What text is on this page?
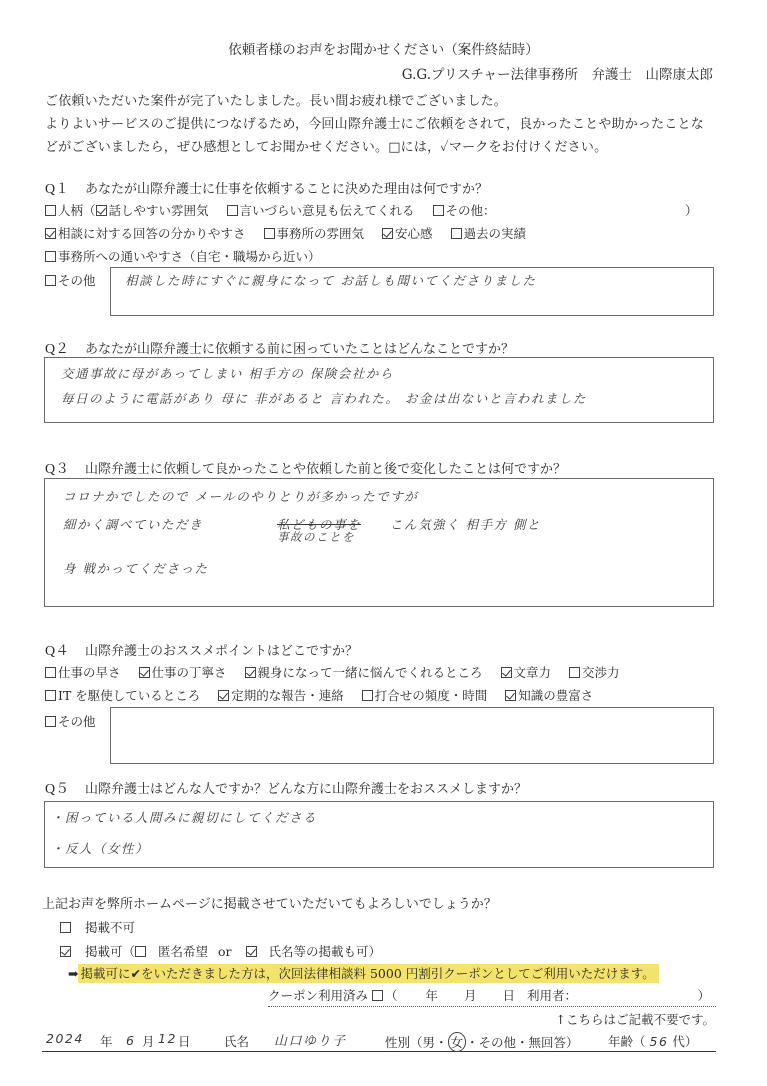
依頼者様のお声をお聞かせください（案件終結時）
G.G.プリスチャー法律事務所　弁護士　山際康太郎
ご依頼いただいた案件が完了いたしました。長い間お疲れ様でございました。
よりよいサービスのご提供につなげるため，今回山際弁護士にご依頼をされて，良かったことや助かったことな
どがございましたら，ぜひ感想としてお聞かせください。□には，✓マークをお付けください。
Q１ あなたが山際弁護士に仕事を依頼することに決めた理由は何ですか？
人柄（ 話しやすい雰囲気 言いづらい意見も伝えてくれる その他：	）
相談に対する回答の分かりやすさ 事務所の雰囲気 安心感 過去の実績
事務所への通いやすさ（自宅・職場から近い）
その他 相談した時にすぐに親身になって お話しも聞いてくださりました
Q２ あなたが山際弁護士に依頼する前に困っていたことはどんなことですか？
交通事故に母があってしまい 相手方の 保険会社から
毎日のように電話があり 母に 非があると 言われた。 お金は出ないと言われました
Q３ 山際弁護士に依頼して良かったことや依頼した前と後で変化したことは何ですか？
コロナかでしたので メールのやりとりが多かったですが
細かく調べていただき	私どもの事を
事故のことを
こん気強く 相手方 側と
身 戦かってくださった
Q４ 山際弁護士のおススメポイントはどこですか？
仕事の早さ 仕事の丁寧さ 親身になって一緒に悩んでくれるところ 文章力 交渉力
IT を駆使しているところ 定期的な報告・連絡 打合せの頻度・時間 知識の豊富さ
その他
Q５ 山際弁護士はどんな人ですか？どんな方に山際弁護士をおススメしますか？
・困っている人間みに親切にしてくださる
・反人（女性）
上記お声を弊所ホームページに掲載させていただいてもよろしいでしょうか？
掲載不可
掲載可（ 匿名希望 or	氏名等の掲載も可）
➡ 掲載可に✔をいただきました方は，次回法律相談料 5000 円割引クーポンとしてご利用いただけます。
クーポン利用済み （ 年 月 日 利用者：	）
↑こちらはご記載不要です。
2024 年 6 月 12 日	氏名 山口ゆり子	性別（男・ 女 ・その他・無回答） 年齢（ 56 代）
